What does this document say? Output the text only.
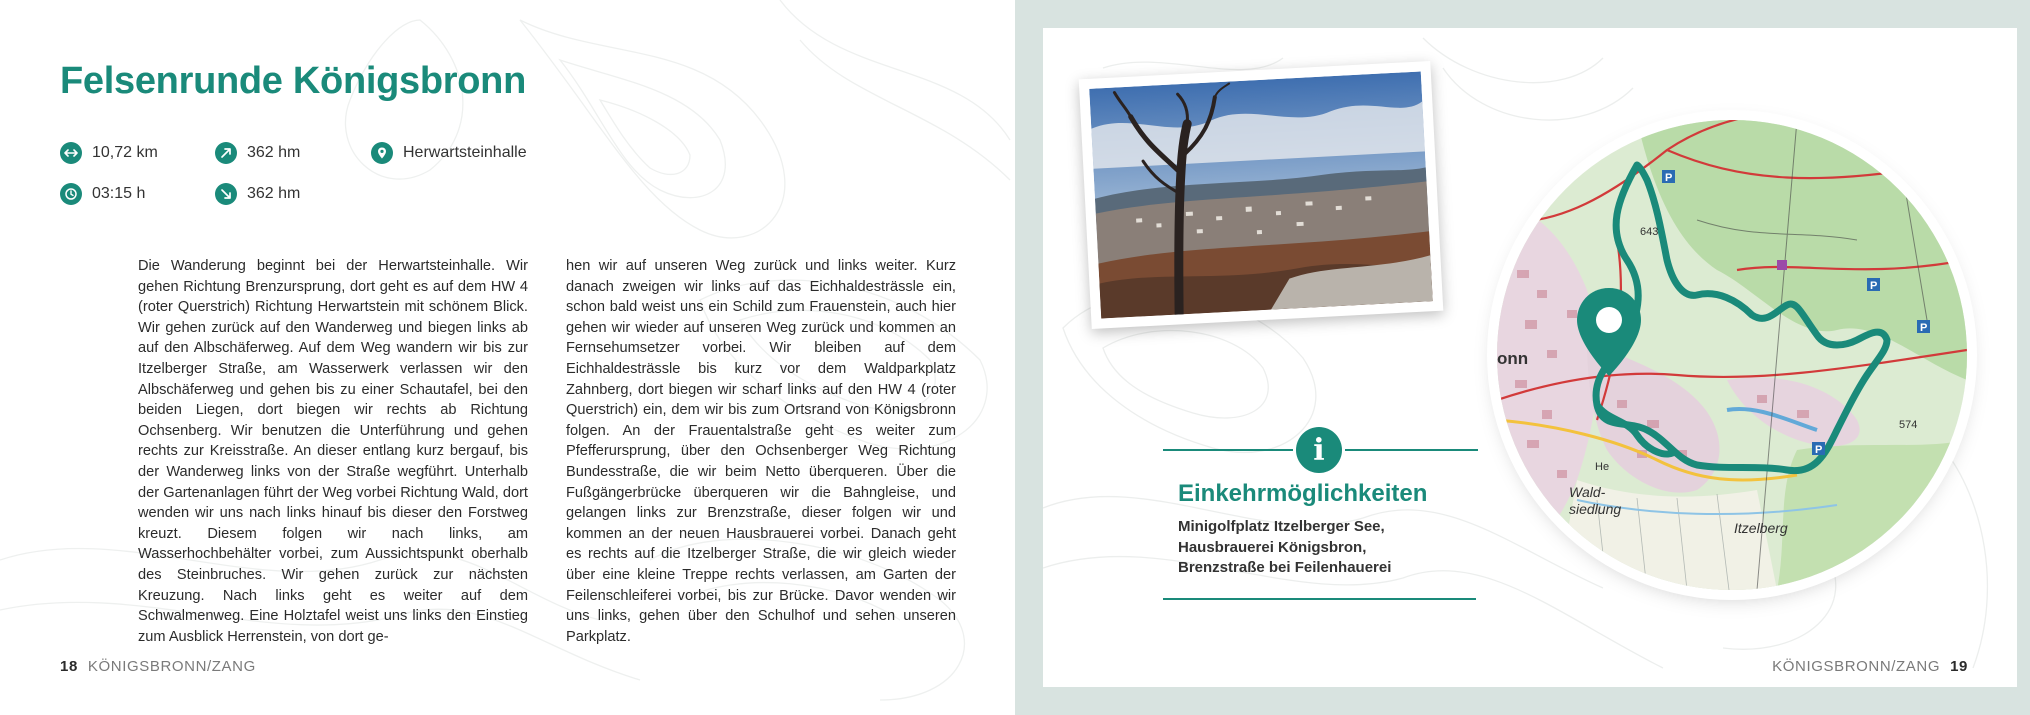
Felsenrunde Königsbronn
10,72 km	362 hm	Herwartsteinhalle
03:15 h	362 hm

Die Wanderung beginnt bei der Herwartsteinhalle. Wir gehen Richtung Brenzursprung, dort geht es auf dem HW 4 (roter Querstrich) Richtung Herwartstein mit schönem Blick. Wir gehen zurück auf den Wanderweg und biegen links ab auf den Albschäferweg. Auf dem Weg wandern wir bis zur Itzelberger Straße, am Wasserwerk verlassen wir den Albschäferweg und gehen bis zu einer Schautafel, bei den beiden Liegen, dort biegen wir rechts ab Richtung Ochsenberg. Wir benutzen die Unterführung und gehen rechts zur Kreisstraße. An dieser entlang kurz bergauf, bis der Wanderweg links von der Straße wegführt. Unterhalb der Gartenanlagen führt der Weg vorbei Richtung Wald, dort wenden wir uns nach links hinauf bis dieser den Forstweg kreuzt. Diesem folgen wir nach links, am Wasserhochbehälter vorbei, zum Aussichtspunkt oberhalb des Steinbruches. Wir gehen zurück zur nächsten Kreuzung. Nach links geht es weiter auf dem Schwalmenweg. Eine Holztafel weist uns links den Einstieg zum Ausblick Herrenstein, von dort ge-

hen wir auf unseren Weg zurück und links weiter. Kurz danach zweigen wir links auf das Eichhaldesträssle ein, schon bald weist uns ein Schild zum Frauenstein, auch hier gehen wir wieder auf unseren Weg zurück und kommen an Fernsehumsetzer vorbei. Wir bleiben auf dem Eichhaldesträssle bis kurz vor dem Waldparkplatz Zahnberg, dort biegen wir scharf links auf den HW 4 (roter Querstrich) ein, dem wir bis zum Ortsrand von Königsbronn folgen. An der Frauentalstraße geht es weiter zum Pfefferursprung, über den Ochsenberger Weg Richtung Bundesstraße, die wir beim Netto überqueren. Über die Fußgängerbrücke überqueren wir die Bahngleise, und gelangen links zur Brenzstraße, dieser folgen wir und kommen an der neuen Hausbrauerei vorbei. Danach geht es rechts auf die Itzelberger Straße, die wir gleich wieder über eine kleine Treppe rechts verlassen, am Garten der Feilenschleiferei vorbei, bis zur Brücke. Davor wenden wir uns links, gehen über den Schulhof und sehen unseren Parkplatz.

18 KÖNIGSBRONN/ZANG	KÖNIGSBRONN/ZANG 19
i
Einkehrmöglichkeiten
Minigolfplatz Itzelberger See,
Hausbrauerei Königsbron,
Brenzstraße bei Feilenhauerei
P
P
P
P
onn
643
574
Wald-
siedlung
Itzelberg
He
